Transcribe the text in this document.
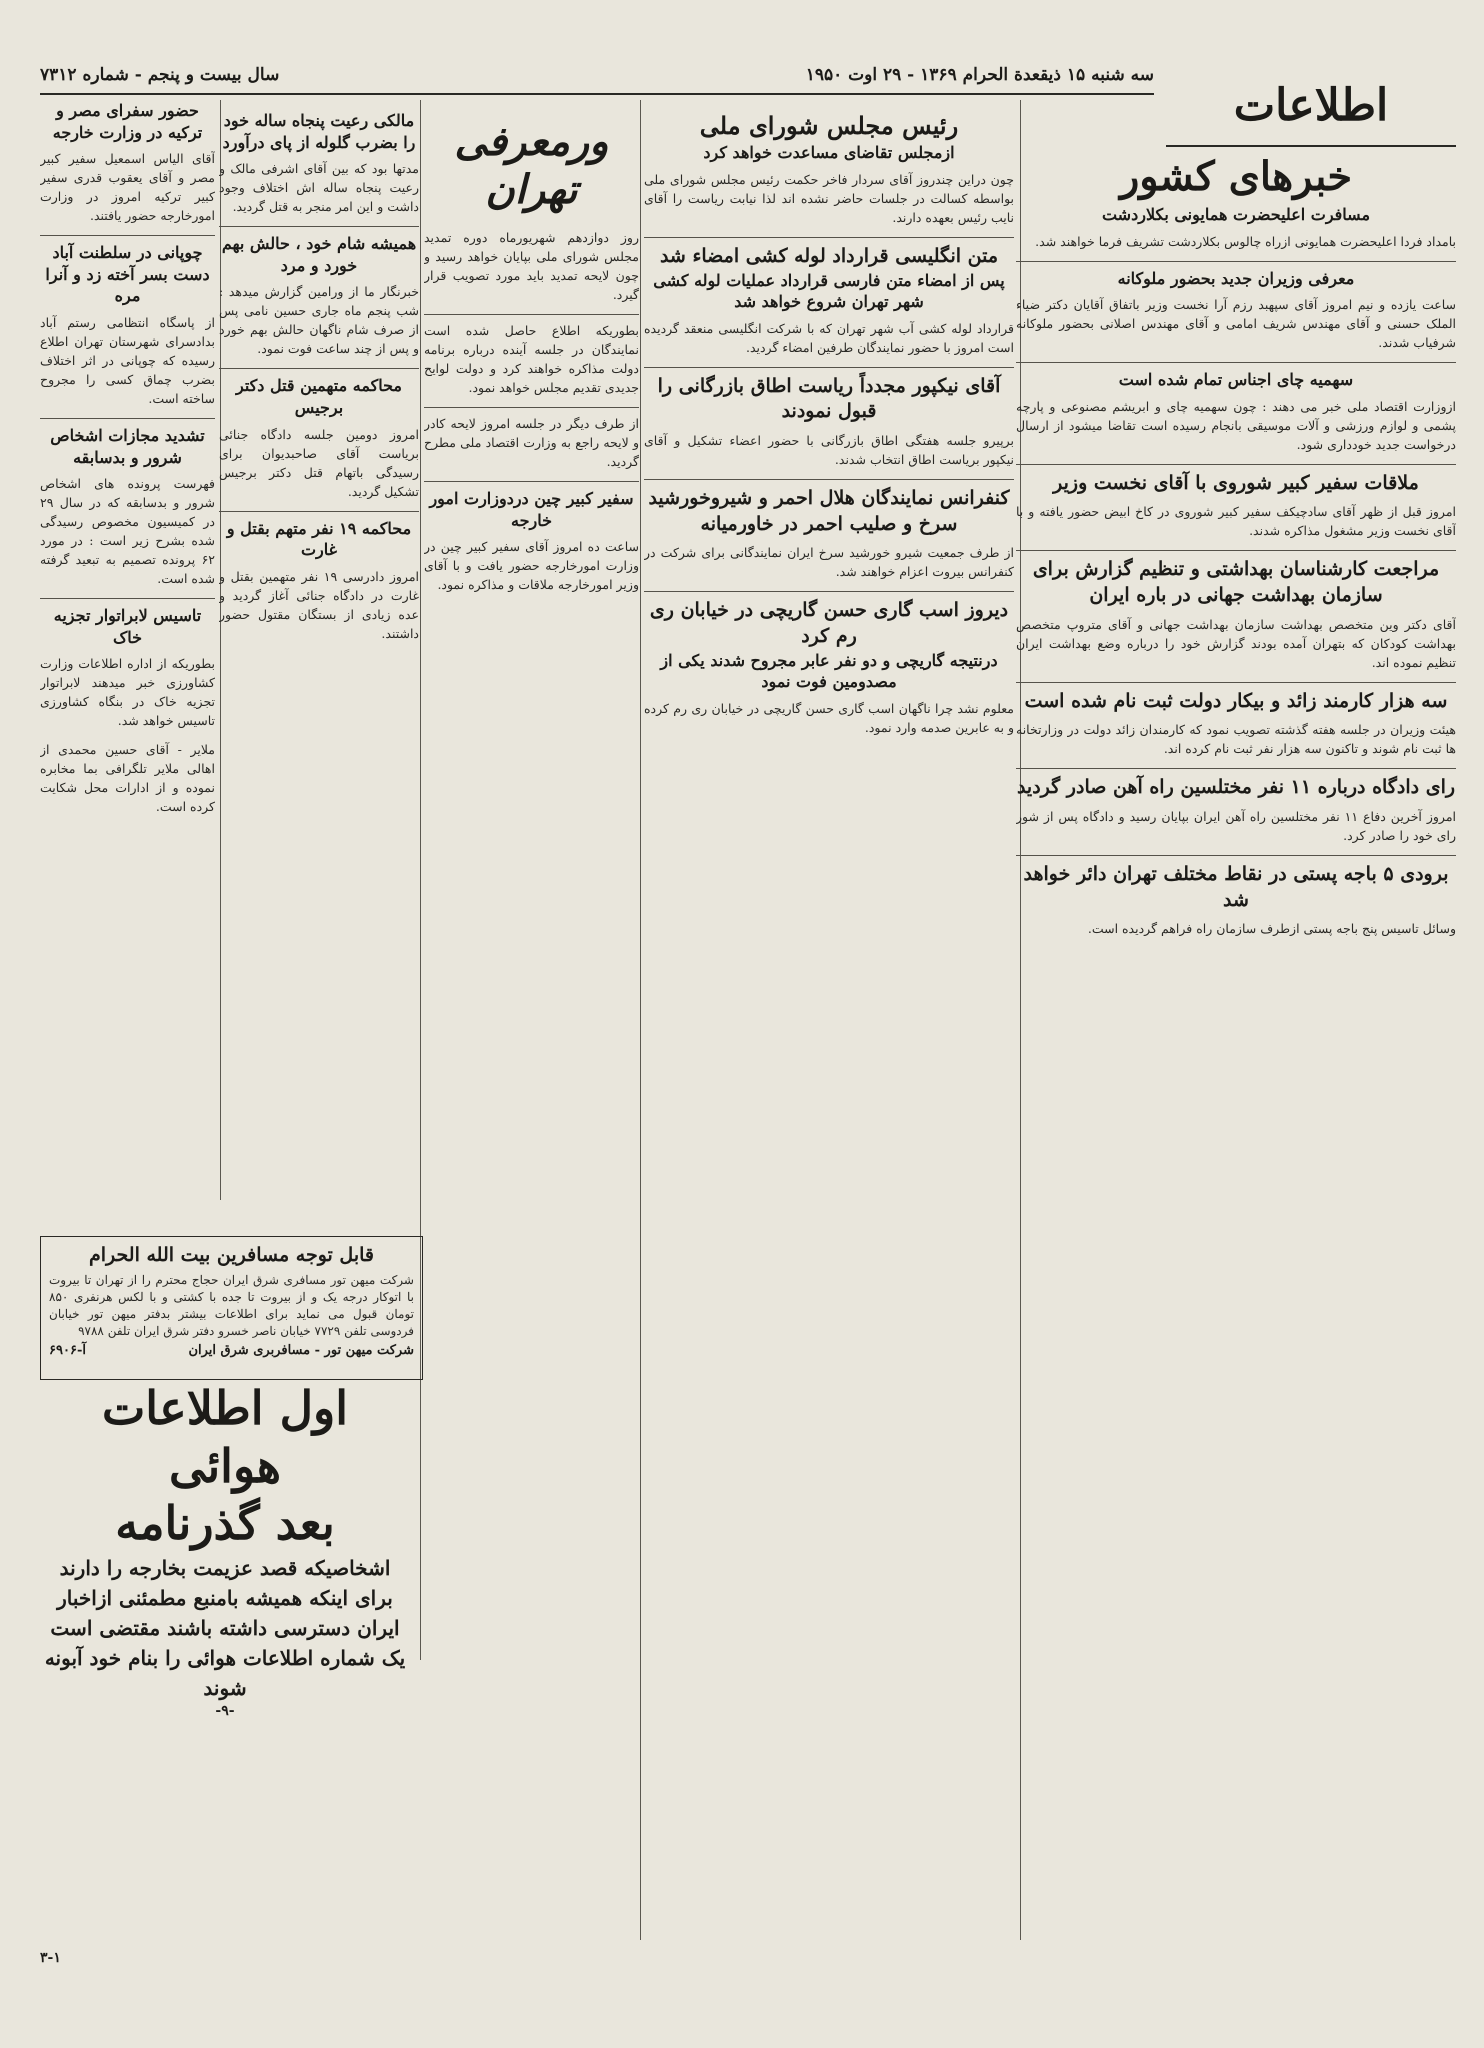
سه شنبه ۱۵ ذیقعدة الحرام ۱۳۶۹ - ۲۹ اوت ۱۹۵۰
سال بیست و پنجم - شماره ۷۳۱۲
اطلاعات
خبرهای کشور
مسافرت اعلیحضرت همایونی بکلاردشت
بامداد فردا اعلیحضرت همایونی ازراه چالوس بکلاردشت تشریف فرما خواهند شد.
معرفی وزیران جدید بحضور ملوکانه
ساعت یازده و نیم امروز آقای سپهبد رزم آرا نخست وزیر باتفاق آقایان دکتر ضیاء الملک حسنی و آقای مهندس شریف امامی و آقای مهندس اصلانی بحضور ملوکانه شرفیاب شدند.
سهمیه چای اجناس تمام شده است
ازوزارت اقتصاد ملی خبر می دهند : چون سهمیه چای و ابریشم مصنوعی و پارچه پشمی و لوازم ورزشی و آلات موسیقی بانجام رسیده است تقاضا میشود از ارسال درخواست جدید خودداری شود.
ملاقات سفیر کبیر شوروی با آقای نخست وزیر
امروز قبل از ظهر آقای سادچیکف سفیر کبیر شوروی در کاخ ابیض حضور یافته و با آقای نخست وزیر مشغول مذاکره شدند.
مراجعت کارشناسان بهداشتی و تنظیم گزارش برای سازمان بهداشت جهانی در باره ایران
آقای دکتر وین متخصص بهداشت سازمان بهداشت جهانی و آقای متروپ متخصص بهداشت کودکان که بتهران آمده بودند گزارش خود را درباره وضع بهداشت ایران تنظیم نموده اند.
سه هزار کارمند زائد و بیکار دولت ثبت نام شده است
هیئت وزیران در جلسه هفته گذشته تصویب نمود که کارمندان زائد دولت در وزارتخانه ها ثبت نام شوند و تاکنون سه هزار نفر ثبت نام کرده اند.
رای دادگاه درباره ۱۱ نفر مختلسین راه آهن صادر گردید
امروز آخرین دفاع ۱۱ نفر مختلسین راه آهن ایران بپایان رسید و دادگاه پس از شور رای خود را صادر کرد.
برودی ۵ باجه پستی در نقاط مختلف تهران دائر خواهد شد
وسائل تاسیس پنج باجه پستی ازطرف سازمان راه فراهم گردیده است.
رئیس مجلس شورای ملی
ازمجلس تقاضای مساعدت خواهد کرد
چون دراین چندروز آقای سردار فاخر حکمت رئیس مجلس شورای ملی بواسطه کسالت در جلسات حاضر نشده اند لذا نیابت ریاست را آقای نایب رئیس بعهده دارند.
متن انگلیسی قرارداد لوله کشی امضاء شد
پس از امضاء متن فارسی قرارداد عملیات لوله کشی شهر تهران شروع خواهد شد
قرارداد لوله کشی آب شهر تهران که با شرکت انگلیسی منعقد گردیده است امروز با حضور نمایندگان طرفین امضاء گردید.
آقای نیکپور مجدداً ریاست اطاق بازرگانی را قبول نمودند
برپیرو جلسه هفتگی اطاق بازرگانی با حضور اعضاء تشکیل و آقای نیکپور بریاست اطاق انتخاب شدند.
کنفرانس نمایندگان هلال احمر و شیروخورشید سرخ و صلیب احمر در خاورمیانه
از طرف جمعیت شیرو خورشید سرخ ایران نمایندگانی برای شرکت در کنفرانس بیروت اعزام خواهند شد.
دیروز اسب گاری حسن گاریچی در خیابان ری رم کرد
درنتیجه گاریچی و دو نفر عابر مجروح شدند یکی از مصدومین فوت نمود
معلوم نشد چرا ناگهان اسب گاری حسن گاریچی در خیابان ری رم کرده و به عابرین صدمه وارد نمود.
ورمعرفی تهران
روز دوازدهم شهریورماه دوره تمدید مجلس شورای ملی بپایان خواهد رسید و چون لایحه تمدید باید مورد تصویب قرار گیرد.
بطوریکه اطلاع حاصل شده است نمایندگان در جلسه آینده درباره برنامه دولت مذاکره خواهند کرد و دولت لوایح جدیدی تقدیم مجلس خواهد نمود.
از طرف دیگر در جلسه امروز لایحه کادر و لایحه راجع به وزارت اقتصاد ملی مطرح گردید.
سفیر کبیر چین دردوزارت امور خارجه
ساعت ده امروز آقای سفیر کبیر چین در وزارت امورخارجه حضور یافت و با آقای وزیر امورخارجه ملاقات و مذاکره نمود.
مالکی رعیت پنجاه ساله خود را بضرب گلوله از پای درآورد
مدتها بود که بین آقای اشرفی مالک و رعیت پنجاه ساله اش اختلاف وجود داشت و این امر منجر به قتل گردید.
همیشه شام خود ، حالش بهم خورد و مرد
خبرنگار ما از ورامین گزارش میدهد : شب پنجم ماه جاری حسین نامی پس از صرف شام ناگهان حالش بهم خورد و پس از چند ساعت فوت نمود.
محاکمه متهمین قتل دکتر برجیس
امروز دومین جلسه دادگاه جنائی بریاست آقای صاحبدیوان برای رسیدگی باتهام قتل دکتر برجیس تشکیل گردید.
محاکمه ۱۹ نفر متهم بقتل و غارت
امروز دادرسی ۱۹ نفر متهمین بقتل و غارت در دادگاه جنائی آغاز گردید و عده زیادی از بستگان مقتول حضور داشتند.
حضور سفرای مصر و ترکیه در وزارت خارجه
آقای الیاس اسمعیل سفیر کبیر مصر و آقای یعقوب قدری سفیر کبیر ترکیه امروز در وزارت امورخارجه حضور یافتند.
چوپانی در سلطنت آباد دست بسر آخته زد و آنرا مره
از پاسگاه انتظامی رستم آباد بدادسرای شهرستان تهران اطلاع رسیده که چوپانی در اثر اختلاف بضرب چماق کسی را مجروح ساخته است.
تشدید مجازات اشخاص شرور و بدسابقه
فهرست پرونده های اشخاص شرور و بدسابقه که در سال ۲۹ در کمیسیون مخصوص رسیدگی شده بشرح زیر است : در مورد ۶۲ پرونده تصمیم به تبعید گرفته شده است.
تاسیس لابراتوار تجزیه خاک
بطوریکه از اداره اطلاعات وزارت کشاورزی خبر میدهند لابراتوار تجزیه خاک در بنگاه کشاورزی تاسیس خواهد شد.
ملایر - آقای حسین محمدی از اهالی ملایر تلگرافی بما مخابره نموده و از ادارات محل شکایت کرده است.
قابل توجه مسافرین بیت الله الحرام
شرکت میهن تور مسافری شرق ایران حجاج محترم را از تهران تا بیروت با اتوکار درجه یک و از بیروت تا جده با کشتی و با لکس هرنفری ۸۵۰ تومان قبول می نماید برای اطلاعات بیشتر بدفتر میهن تور خیابان فردوسی تلفن ۷۷۲۹ خیابان ناصر خسرو دفتر شرق ایران تلفن ۹۷۸۸
شرکت میهن تور - مسافربری شرق ایران
آ-۶۹۰۶
اول اطلاعات هوائی
بعد گذرنامه
اشخاصیکه قصد عزیمت بخارجه را دارند برای اینکه همیشه بامنبع مطمئنی ازاخبار ایران دسترسی داشته باشند مقتضی است یک شماره اطلاعات هوائی را بنام خود آبونه شوند
-۹-
۳-۱
